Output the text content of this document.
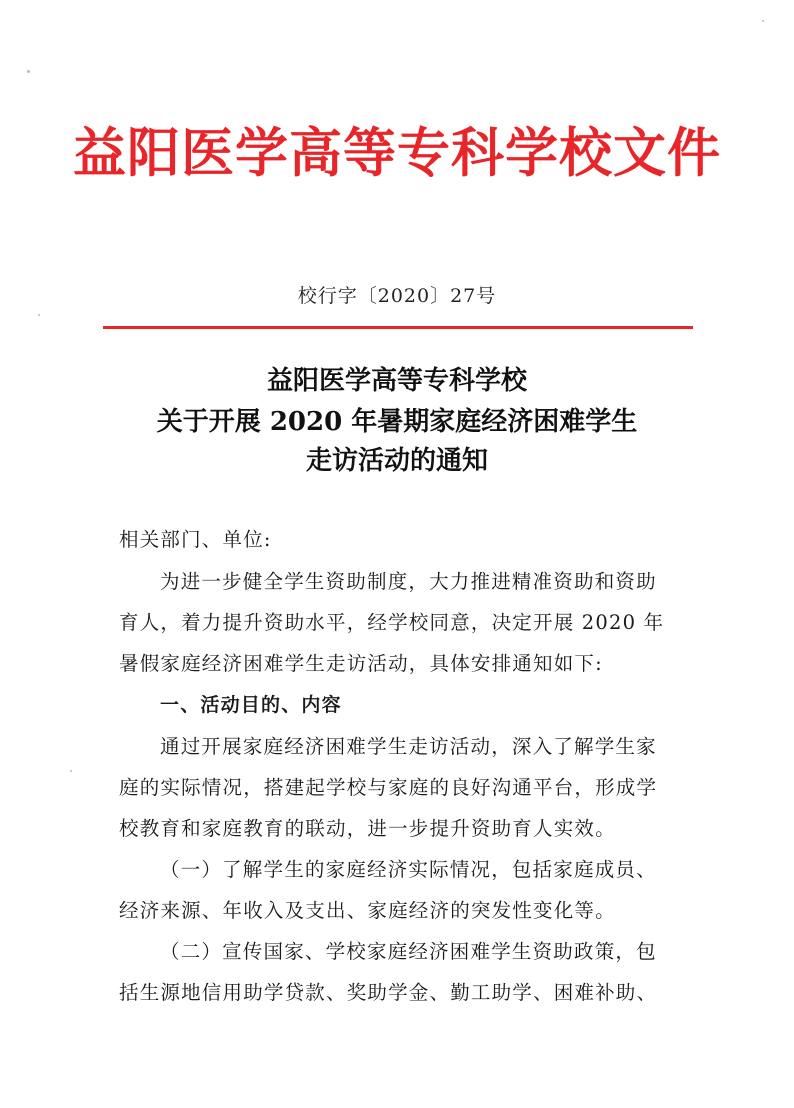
益阳医学高等专科学校文件
校行字〔2020〕27号
益阳医学高等专科学校
关于开展 2020 年暑期家庭经济困难学生
走访活动的通知
相关部门、单位:
为进一步健全学生资助制度，大力推进精准资助和资助
育人，着力提升资助水平，经学校同意，决定开展 2020 年
暑假家庭经济困难学生走访活动，具体安排通知如下:
一、活动目的、内容
通过开展家庭经济困难学生走访活动，深入了解学生家
庭的实际情况，搭建起学校与家庭的良好沟通平台，形成学
校教育和家庭教育的联动，进一步提升资助育人实效。
（一）了解学生的家庭经济实际情况，包括家庭成员、
经济来源、年收入及支出、家庭经济的突发性变化等。
（二）宣传国家、学校家庭经济困难学生资助政策，包
括生源地信用助学贷款、奖助学金、勤工助学、困难补助、
